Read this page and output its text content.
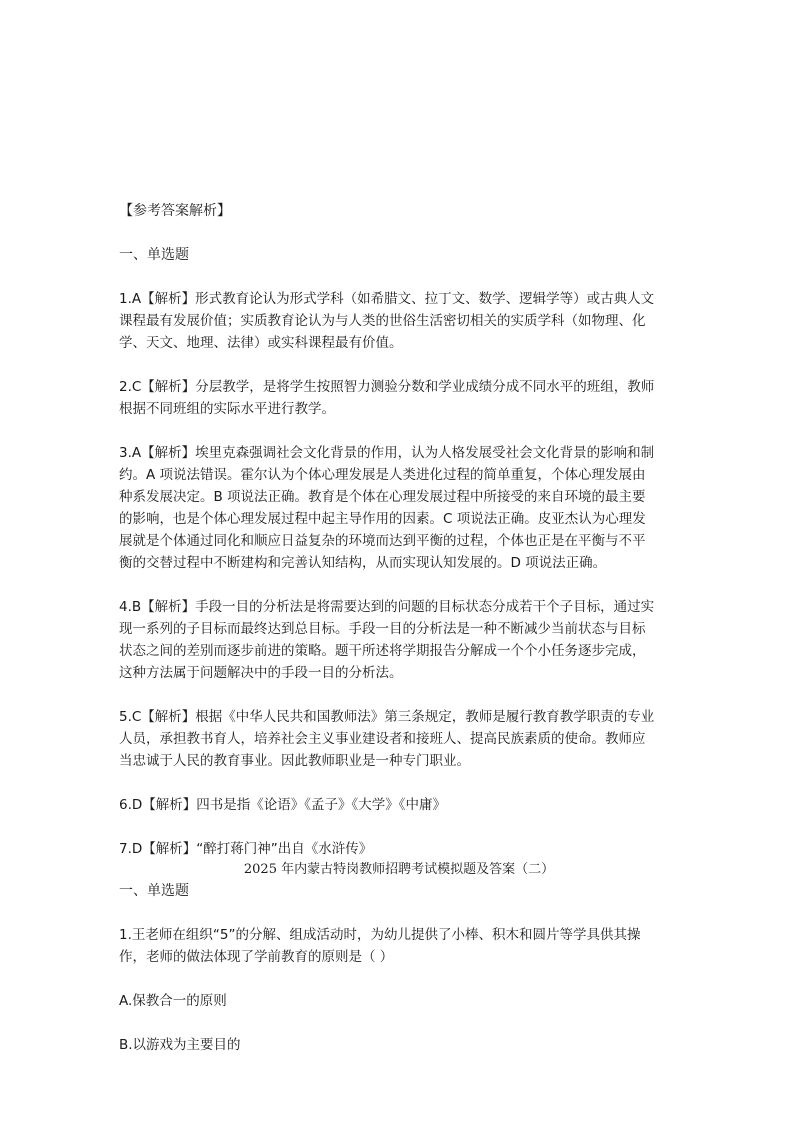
【参考答案解析】

一、单选题

1.A【解析】形式教育论认为形式学科（如希腊文、拉丁文、数学、逻辑学等）或古典人文

课程最有发展价值；实质教育论认为与人类的世俗生活密切相关的实质学科（如物理、化

学、天文、地理、法律）或实科课程最有价值。

2.C【解析】分层教学，是将学生按照智力测验分数和学业成绩分成不同水平的班组，教师

根据不同班组的实际水平进行教学。

3.A【解析】埃里克森强调社会文化背景的作用，认为人格发展受社会文化背景的影响和制

约。A 项说法错误。霍尔认为个体心理发展是人类进化过程的简单重复，个体心理发展由

种系发展决定。B 项说法正确。教育是个体在心理发展过程中所接受的来自环境的最主要

的影响，也是个体心理发展过程中起主导作用的因素。C 项说法正确。皮亚杰认为心理发

展就是个体通过同化和顺应日益复杂的环境而达到平衡的过程，个体也正是在平衡与不平

衡的交替过程中不断建构和完善认知结构，从而实现认知发展的。D 项说法正确。

4.B【解析】手段一目的分析法是将需要达到的问题的目标状态分成若干个子目标，通过实

现一系列的子目标而最终达到总目标。手段一目的分析法是一种不断减少当前状态与目标

状态之间的差别而逐步前进的策略。题干所述将学期报告分解成一个个小任务逐步完成，

这种方法属于问题解决中的手段一目的分析法。

5.C【解析】根据《中华人民共和国教师法》第三条规定，教师是履行教育教学职责的专业

人员，承担教书育人，培养社会主义事业建设者和接班人、提高民族素质的使命。教师应

当忠诚于人民的教育事业。因此教师职业是一种专门职业。

6.D【解析】四书是指《论语》《孟子》《大学》《中庸》

7.D【解析】“醉打蒋门神”出自《水浒传》

2025 年内蒙古特岗教师招聘考试模拟题及答案（二）

一、单选题

1.王老师在组织“5”的分解、组成活动时，为幼儿提供了小棒、积木和圆片等学具供其操

作，老师的做法体现了学前教育的原则是（ ）

A.保教合一的原则

B.以游戏为主要目的
